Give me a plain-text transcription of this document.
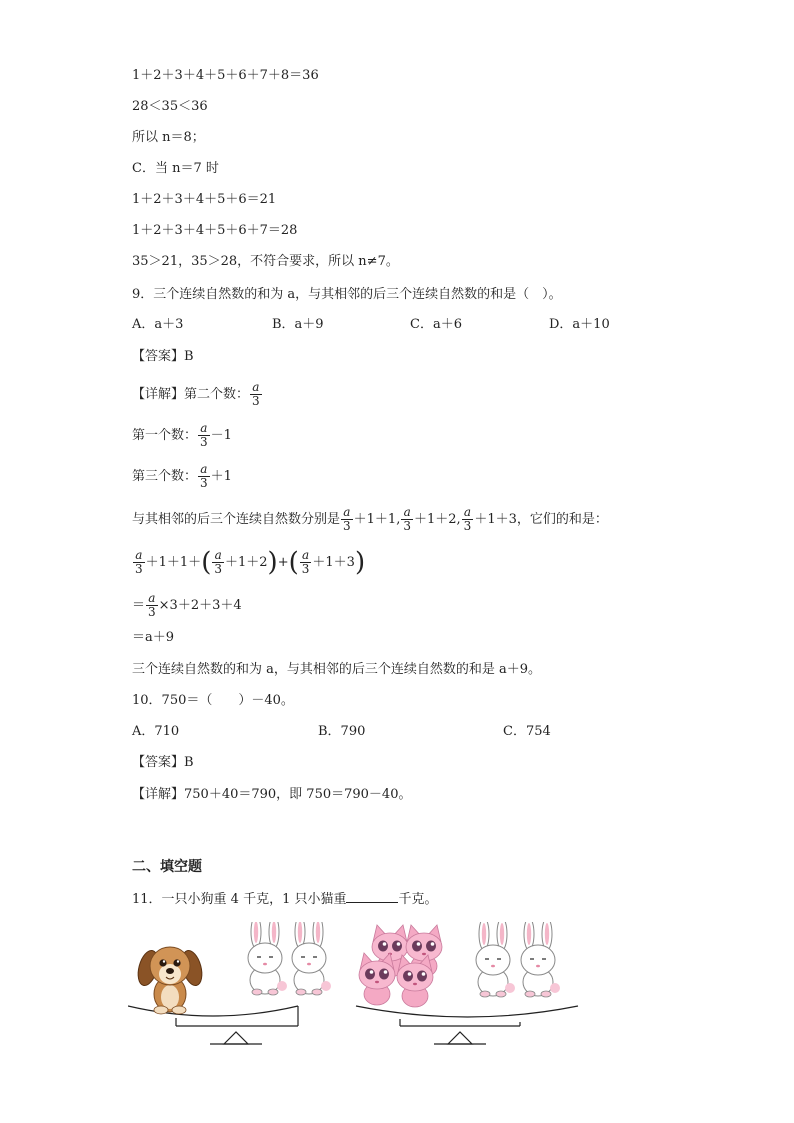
1＋2＋3＋4＋5＋6＋7＋8＝36
28＜35＜36
所以 n＝8；
C．当 n＝7 时
1＋2＋3＋4＋5＋6＝21
1＋2＋3＋4＋5＋6＋7＝28
35＞21，35＞28，不符合要求，所以 n≠7。
9．三个连续自然数的和为 a，与其相邻的后三个连续自然数的和是（　）。
A．a＋3	B．a＋9	C．a＋6	D．a＋10
【答案】B
【详解】第二个数： $\frac{a}{3}$
第一个数： $\frac{a}{3} -1$
第三个数： $\frac{a}{3} +1$
与其相邻的后三个连续自然数分别是 $\frac{a}{3} +1+1$, $\frac{a}{3} +1+2$, $\frac{a}{3} +1+3$，它们的和是：
$\frac{a}{3} +1+1+( \frac{a}{3} +1+2)+( \frac{a}{3} +1+3)$
＝ $\frac{a}{3} \times 3+2+3+4$
＝a＋9
三个连续自然数的和为 a，与其相邻的后三个连续自然数的和是 a＋9。
10．750＝（　　）－40。
A．710	B．790	C．754
【答案】B
【详解】750＋40＝790，即 750＝790－40。
二、填空题
11．一只小狗重 4 千克，1 只小猫重	千克。
